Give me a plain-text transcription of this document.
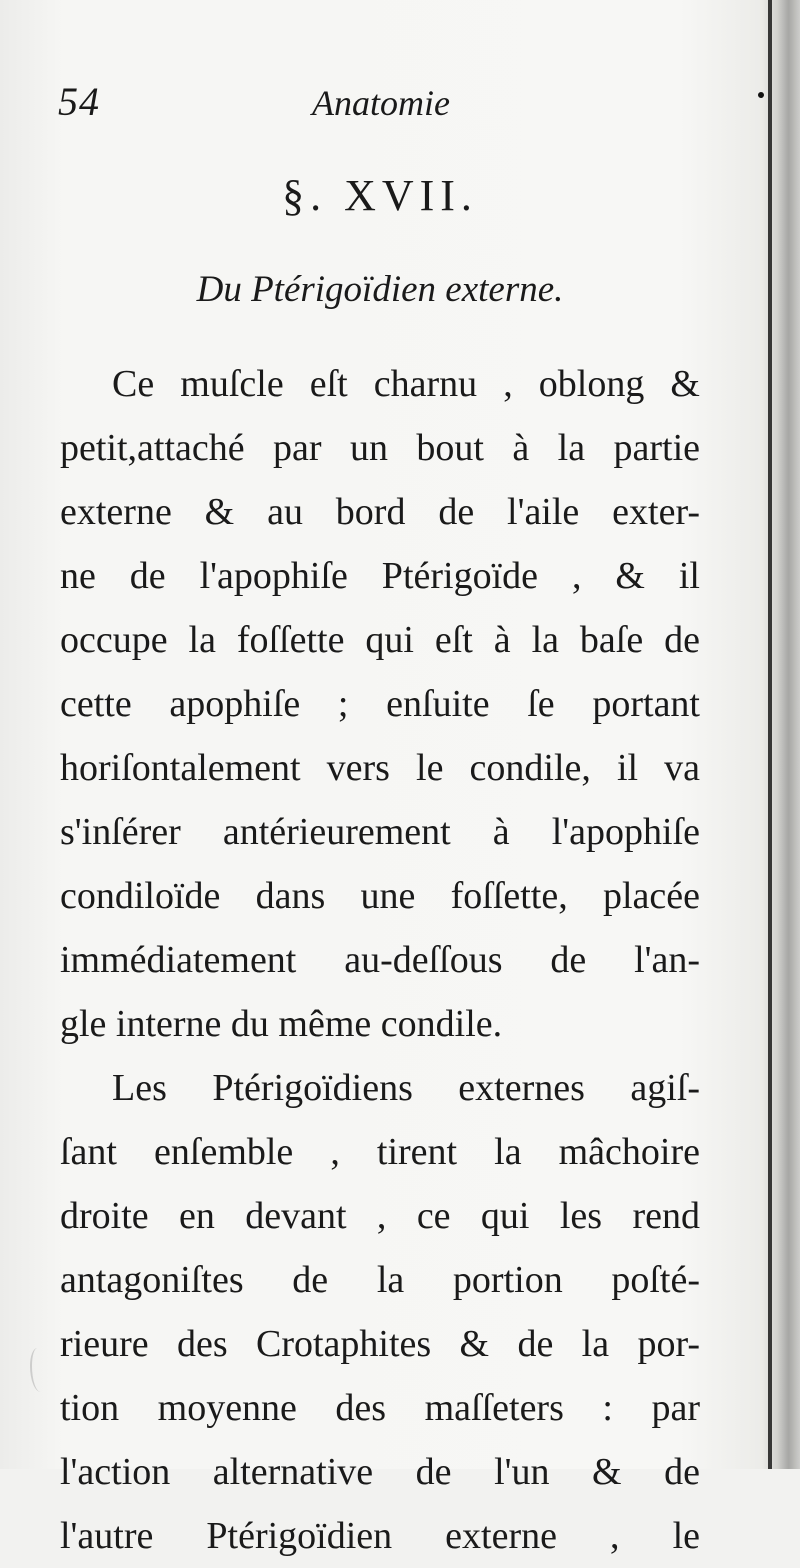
54	Anatomie
§. XVII.
Du Ptérigoïdien externe.
Ce muſcle eſt charnu , oblong &
petit,attaché par un bout à la partie
externe & au bord de l'aile exter-
ne de l'apophiſe Ptérigoïde , & il
occupe la foſſette qui eſt à la baſe de
cette apophiſe ; enſuite ſe portant
horiſontalement vers le condile, il va
s'inſérer antérieurement à l'apophiſe
condiloïde dans une foſſette, placée
immédiatement au-deſſous de l'an-
gle interne du même condile.
Les Ptérigoïdiens externes agiſ-
ſant enſemble , tirent la mâchoire
droite en devant , ce qui les rend
antagoniſtes de la portion poſté-
rieure des Crotaphites & de la por-
tion moyenne des maſſeters : par
l'action alternative de l'un & de
l'autre Ptérigoïdien externe , le
